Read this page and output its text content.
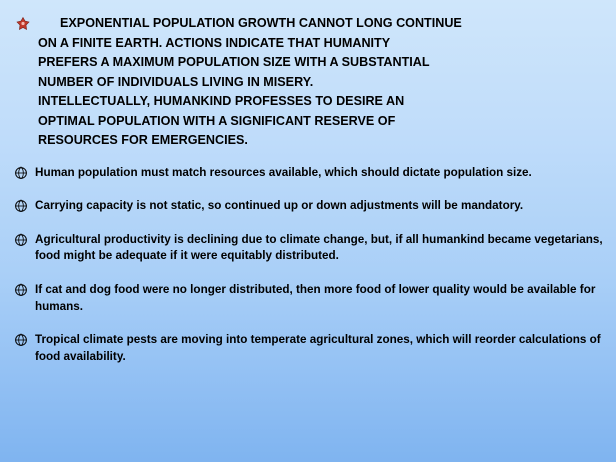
EXPONENTIAL POPULATION GROWTH CANNOT LONG CONTINUE
ON A FINITE EARTH. ACTIONS INDICATE THAT HUMANITY
PREFERS A MAXIMUM POPULATION SIZE WITH A SUBSTANTIAL
NUMBER OF INDIVIDUALS LIVING IN MISERY.
INTELLECTUALLY, HUMANKIND PROFESSES TO DESIRE AN
OPTIMAL POPULATION WITH A SIGNIFICANT RESERVE OF
RESOURCES FOR EMERGENCIES.
Human population must match resources available, which should dictate population size.
Carrying capacity is not static, so continued up or down adjustments will be mandatory.
Agricultural productivity is declining due to climate change, but, if all humankind became vegetarians, food might be adequate if it were equitably distributed.
If cat and dog food were no longer distributed, then more food of lower quality would be available for humans.
Tropical climate pests are moving into temperate agricultural zones, which will reorder calculations of food availability.
